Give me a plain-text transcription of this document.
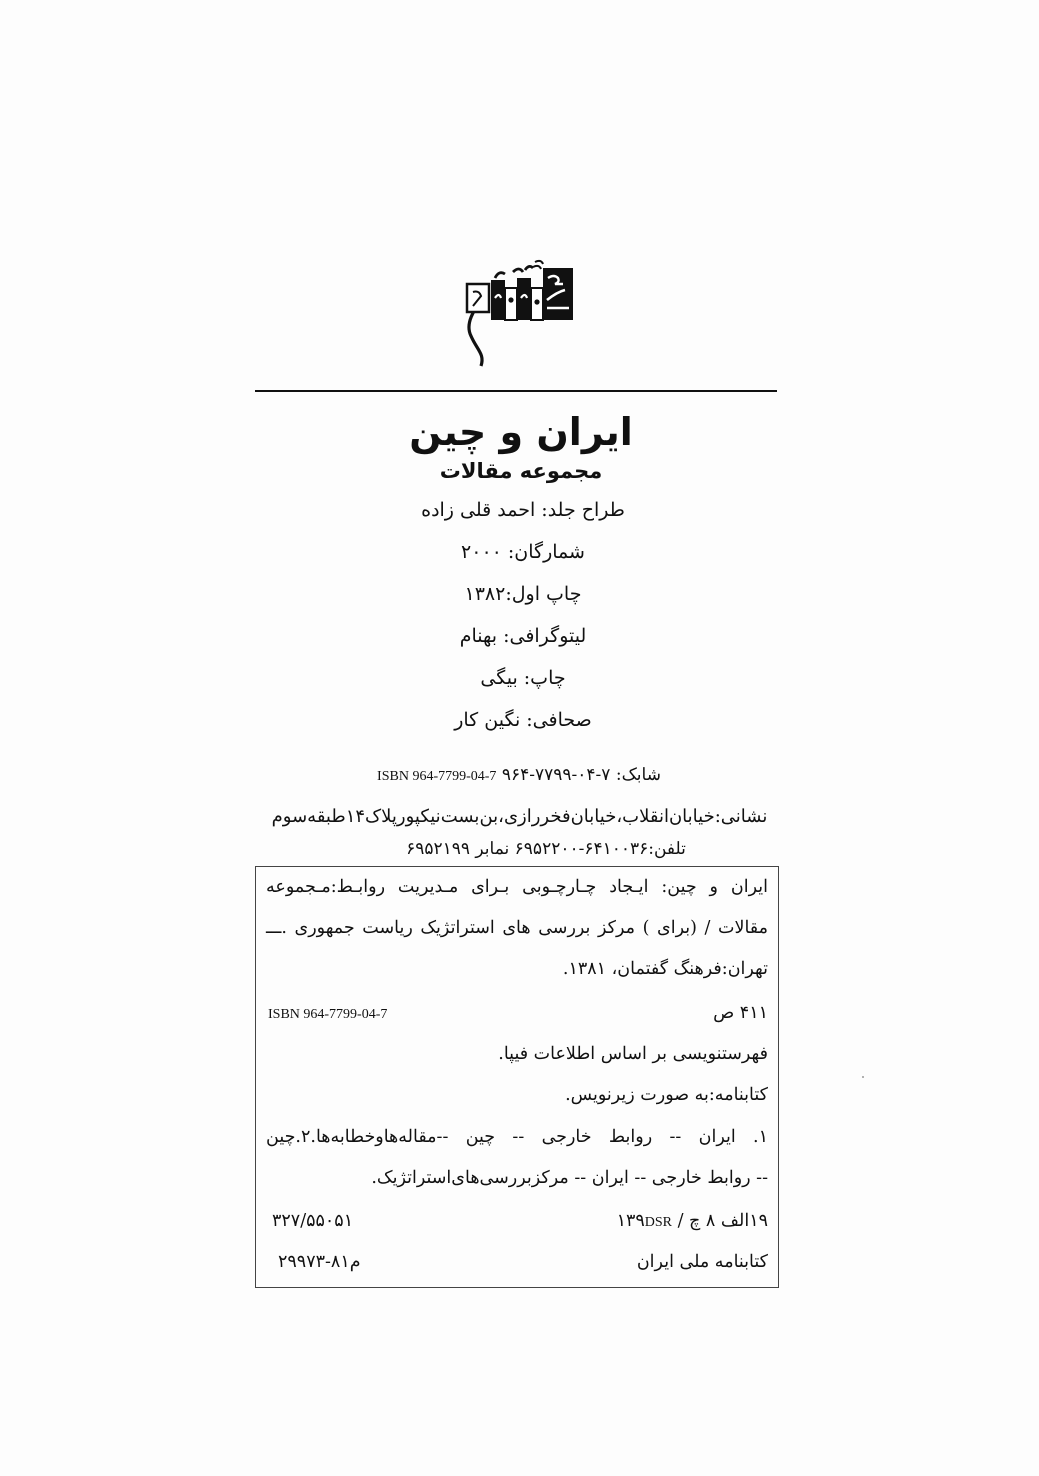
ایران و چین
مجموعه مقالات
طراح جلد: احمد قلی زاده
شمارگان: ۲۰۰۰
چاپ اول:۱۳۸۲
لیتوگرافی: بهنام
چاپ: بیگی
صحافی: نگین کار
شابک: ۷-۰۴-۷۷۹۹-۹۶۴ ISBN 964-7799-04-7
نشانی:خیابان‌انقلاب،خیابان‌فخررازی،بن‌بست‌نیکپورپلاک۱۴طبقه‌سوم
تلفن:۶۴۱۰۰۳۶-۶۹۵۲۲۰۰ نمابر ۶۹۵۲۱۹۹
ایران و چین: ایـجاد چـارچـوبی بـرای مـدیریت روابـط:مـجموعه
مقالات / (برای ) مرکز بررسی های استراتژیک ریاست جمهوری .ـــ
تهران:فرهنگ گفتمان، ۱۳۸۱.
۴۱۱ ص
ISBN 964-7799-04-7
فهرستنویسی بر اساس اطلاعات فیپا.
کتابنامه:به صورت زیرنویس.
۱. ایران -- روابط خارجی -- چین --مقاله‌هاوخطابه‌ها.۲.چین
-- روابط خارجی -- ایران -- مرکزبررسی‌های‌استراتژیک.
۱۹الف ۸ چ / DSR۱۳۹
۳۲۷/۵۵۰۵۱
کتابنامه ملی ایران
م۸۱-۲۹۹۷۳
